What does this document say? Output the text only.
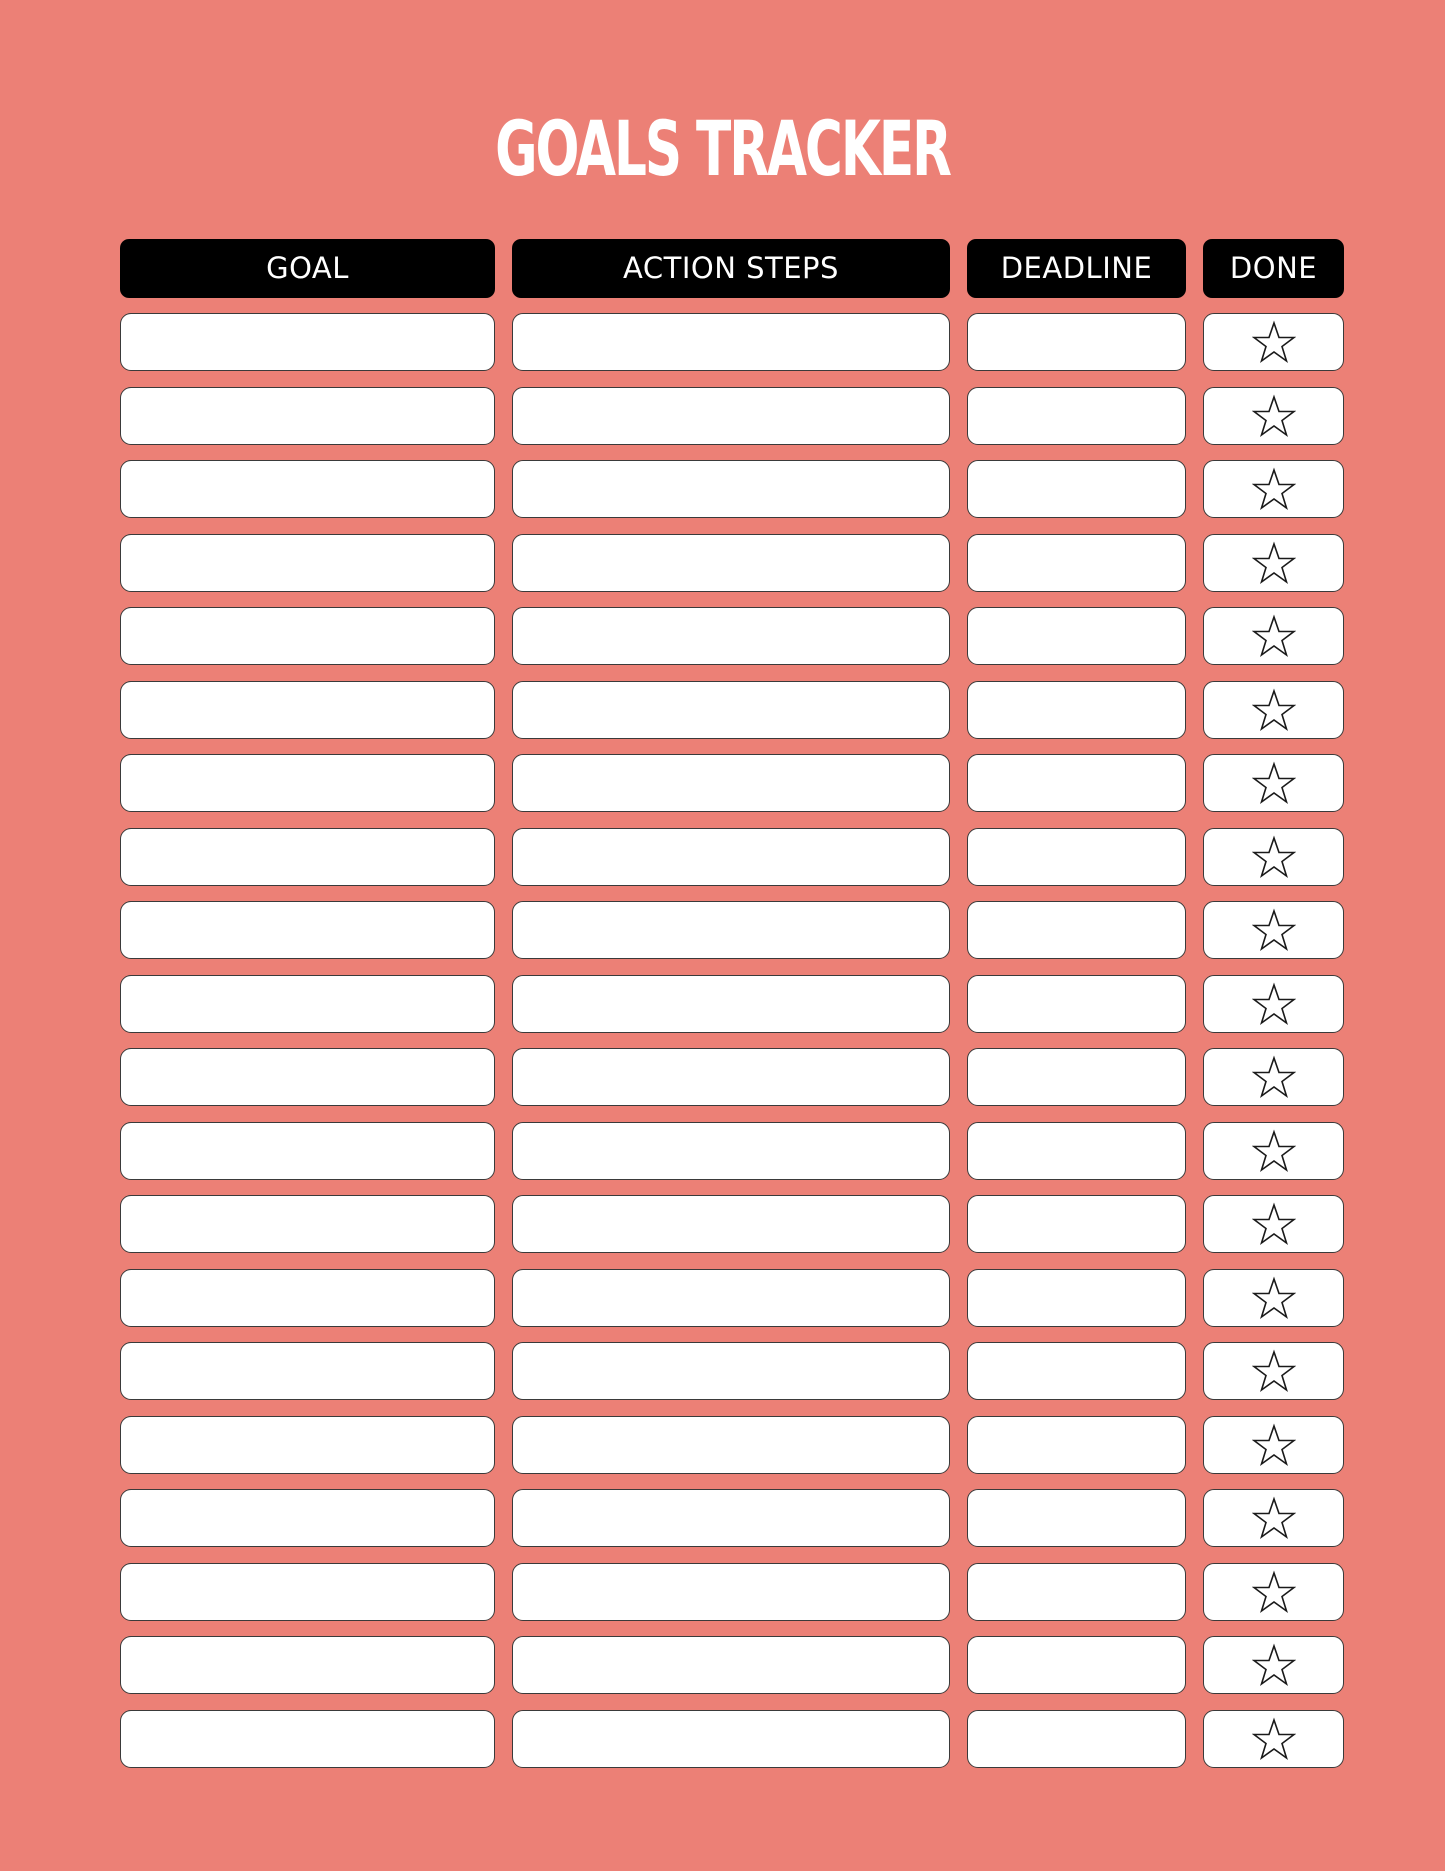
GOALS TRACKER
GOAL	ACTION STEPS	DEADLINE	DONE
